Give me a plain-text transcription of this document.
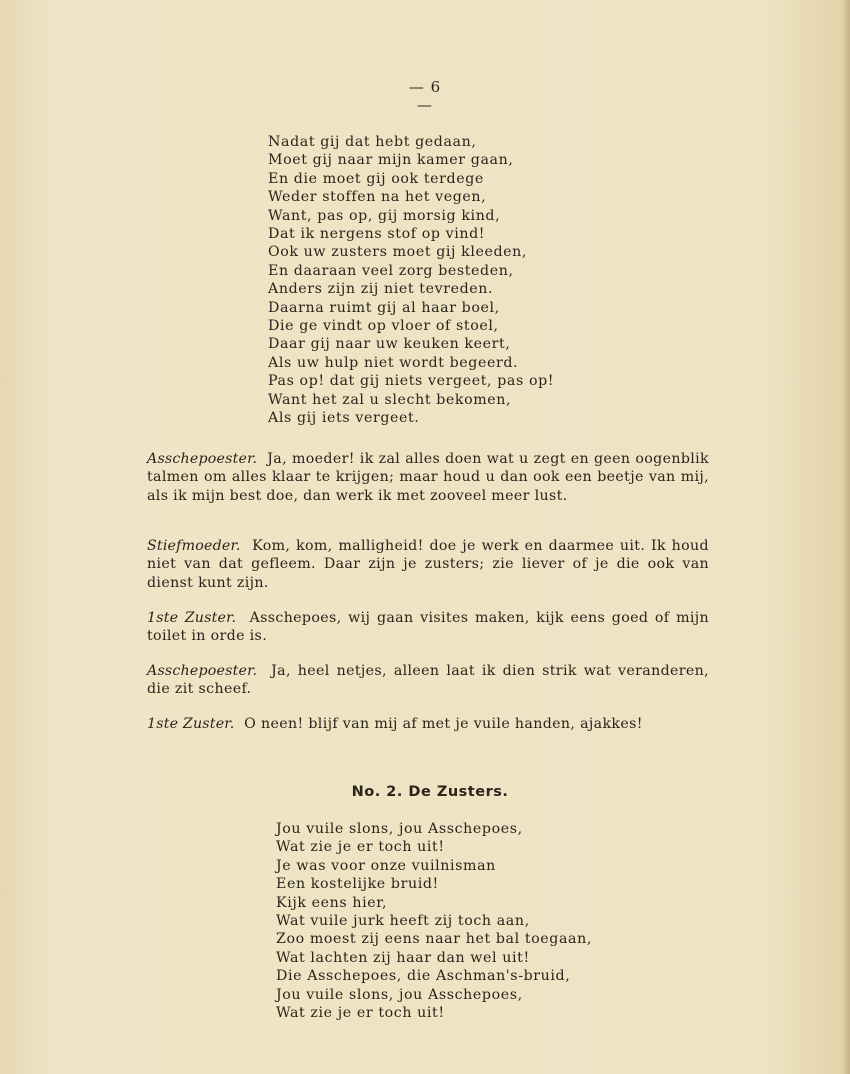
— 6 —
Nadat gij dat hebt gedaan,
Moet gij naar mijn kamer gaan,
En die moet gij ook terdege
Weder stoffen na het vegen,
Want, pas op, gij morsig kind,
Dat ik nergens stof op vind!
Ook uw zusters moet gij kleeden,
En daaraan veel zorg besteden,
Anders zijn zij niet tevreden.
Daarna ruimt gij al haar boel,
Die ge vindt op vloer of stoel,
Daar gij naar uw keuken keert,
Als uw hulp niet wordt begeerd.
Pas op! dat gij niets vergeet, pas op!
Want het zal u slecht bekomen,
Als gij iets vergeet.

Asschepoester. Ja, moeder! ik zal alles doen wat u zegt en geen oogenblik talmen om alles klaar te krijgen; maar houd u dan ook een beetje van mij, als ik mijn best doe, dan werk ik met zooveel meer lust.

Stiefmoeder. Kom, kom, malligheid! doe je werk en daarmee uit. Ik houd niet van dat gefleem. Daar zijn je zusters; zie liever of je die ook van dienst kunt zijn.

1ste Zuster. Asschepoes, wij gaan visites maken, kijk eens goed of mijn toilet in orde is.

Asschepoester. Ja, heel netjes, alleen laat ik dien strik wat veranderen, die zit scheef.

1ste Zuster. O neen! blijf van mij af met je vuile handen, ajakkes!

No. 2. De Zusters.
Jou vuile slons, jou Asschepoes,
Wat zie je er toch uit!
Je was voor onze vuilnisman
Een kostelijke bruid!
Kijk eens hier,
Wat vuile jurk heeft zij toch aan,
Zoo moest zij eens naar het bal toegaan,
Wat lachten zij haar dan wel uit!
Die Asschepoes, die Aschman's-bruid,
Jou vuile slons, jou Asschepoes,
Wat zie je er toch uit!
